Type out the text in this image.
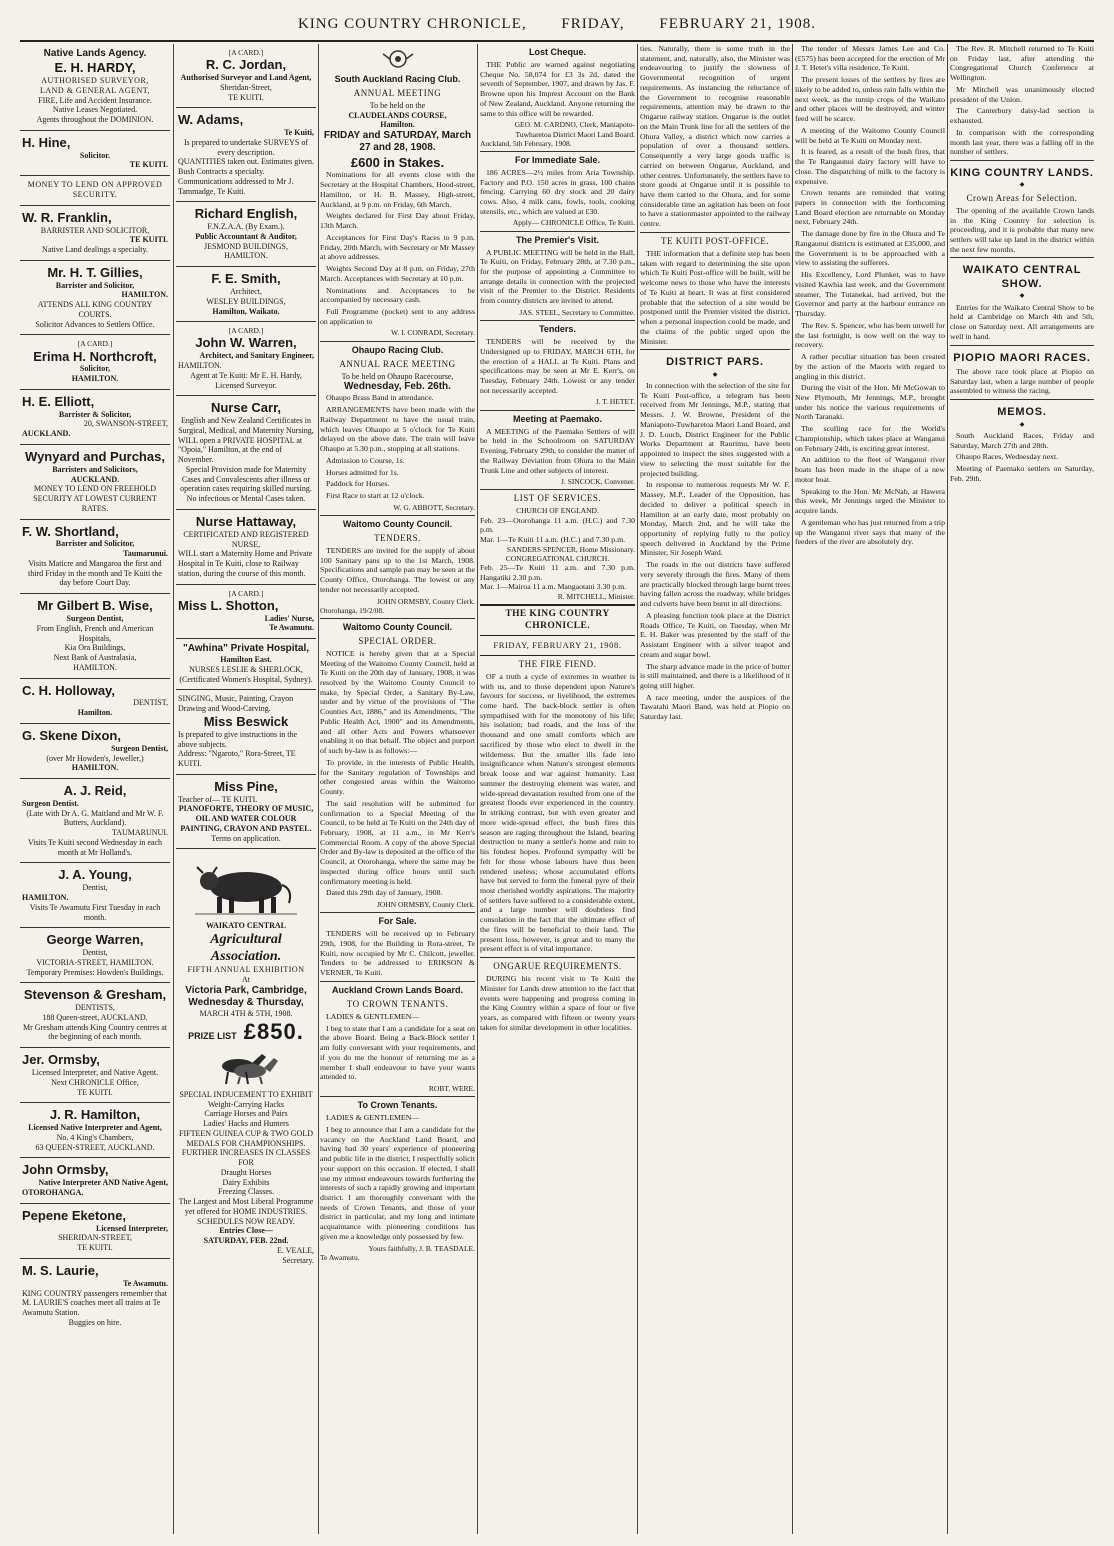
KING COUNTRY CHRONICLE, FRIDAY, FEBRUARY 21, 1908.
Native Lands Agency.
E. H. HARDY,
AUTHORISED SURVEYOR,
LAND & GENERAL AGENT,
FIRE, Life and Accident Insurance.
Native Leases Negotiated.
Agents throughout the DOMINION.
H. Hine,
Solicitor.
TE KUITI.
MONEY TO LEND ON APPROVED SECURITY.
W. R. Franklin,
BARRISTER AND SOLICITOR,
TE KUITI.
Native Land dealings a specialty.
Mr. H. T. Gillies,
Barrister and Solicitor,
HAMILTON.
ATTENDS ALL KING COUNTRY COURTS.
Solicitor Advances to Settlers Office.
[A CARD.]
Erima H. Northcroft,
Solicitor,
HAMILTON.
H. E. Elliott,
Barrister & Solicitor,
20, SWANSON-STREET,
AUCKLAND.
Wynyard and Purchas,
Barristers and Solicitors,
AUCKLAND.
MONEY TO LEND ON FREEHOLD SECURITY AT LOWEST CURRENT RATES.
F. W. Shortland,
Barrister and Solicitor,
Taumarunui.
Visits Maticre and Mangaroa the first and third Friday in the month and Te Kuiti the day before Court Day.
Mr Gilbert B. Wise,
Surgeon Dentist,
From English, French and American Hospitals,
Kia Ora Buildings,
Next Bank of Australasia,
HAMILTON.
C. H. Holloway,
DENTIST,
Hamilton.
G. Skene Dixon,
Surgeon Dentist,
(over Mr Howden's, Jeweller,)
HAMILTON.
A. J. Reid,
Surgeon Dentist.
(Late with Dr A. G. Maitland and Mr W. F. Butters, Auckland).
TAUMARUNUI.
Visits Te Kuiti second Wednesday in each month at Mr Holland's.
J. A. Young,
Dentist,
HAMILTON.
Visits Te Awamutu First Tuesday in each month.
George Warren,
Dentist,
VICTORIA-STREET, HAMILTON.
Temporary Premises: Howden's Buildings.
Stevenson & Gresham,
DENTISTS,
188 Queen-street, AUCKLAND.
Mr Gresham attends King Country centres at the beginning of each month.
Jer. Ormsby,
Licensed Interpreter, and Native Agent.
Next CHRONICLE Office,
TE KUITI.
J. R. Hamilton,
Licensed Native Interpreter and Agent,
No. 4 King's Chambers,
63 QUEEN-STREET, AUCKLAND.
John Ormsby,
Native Interpreter AND Native Agent,
OTOROHANGA.
Pepene Eketone,
Licensed Interpreter,
SHERIDAN-STREET,
TE KUITI.
M. S. Laurie,
Te Awamutu.
KING COUNTRY passengers remember that M. LAURIE'S coaches meet all trains at Te Awamutu Station.
Buggies on hire.
[A CARD.]
R. C. Jordan,
Authorised Surveyor and Land Agent,
Sheridan-Street,
TE KUITI.
W. Adams,
Te Kuiti,
Is prepared to undertake SURVEYS of every description.
QUANTITIES taken out. Estimates given. Bush Contracts a specialty. Communications addressed to Mr J. Tammadge, Te Kuiti.
Richard English,
F.N.Z.A.A. (By Exam.).
Public Accountant & Auditor,
JESMOND BUILDINGS,
HAMILTON.
F. E. Smith,
Architect,
WESLEY BUILDINGS,
Hamilton, Waikato.
[A CARD.]
John W. Warren,
Architect, and Sanitary Engineer,
HAMILTON.
Agent at Te Kuiti: Mr E. H. Hardy, Licensed Surveyor.
Nurse Carr,
English and New Zealand Certificates in Surgical, Medical, and Maternity Nursing,
WILL open a PRIVATE HOSPITAL at "Opoia," Hamilton, at the end of November.
Special Provision made for Maternity Cases and Convalescents after illness or operation cases requiring skilled nursing.
No infectious or Mental Cases taken.
Nurse Hattaway,
CERTIFICATED AND REGISTERED NURSE,
WILL start a Maternity Home and Private Hospital in Te Kuiti, close to Railway station, during the course of this month.
[A CARD.]
Miss L. Shotton,
Ladies' Nurse,
Te Awamutu.
"Awhina" Private Hospital,
Hamilton East.
NURSES LESLIE & SHERLOCK,
(Certificated Women's Hospital, Sydney).
SINGING, Music, Painting, Crayon Drawing and Wood-Carving.
Miss Beswick
Is prepared to give instructions in the above subjects.
Address: "Ngaroto," Rora-Street, TE KUITI.
Miss Pine,
Teacher of— TE KUITI.
PIANOFORTE, THEORY OF MUSIC, OIL AND WATER COLOUR PAINTING, CRAYON AND PASTEL.
Terms on application.
WAIKATO CENTRAL
Agricultural Association.
FIFTH ANNUAL EXHIBITION
At
Victoria Park, Cambridge, Wednesday & Thursday,
MARCH 4TH & 5TH, 1908.
PRIZE LIST £850.
SPECIAL INDUCEMENT TO EXHIBIT
Weight-Carrying Hacks
Carriage Horses and Pairs
Ladies' Hacks and Hunters
FIFTEEN GUINEA CUP & TWO GOLD MEDALS FOR CHAMPIONSHIPS.
FURTHER INCREASES IN CLASSES FOR
Draught Horses
Dairy Exhibits
Freezing Classes.
The Largest and Most Liberal Programme yet offered for HOME INDUSTRIES.
SCHEDULES NOW READY.
Entries Close—
SATURDAY, FEB. 22nd.
E. VEALE,
Secretary.
South Auckland Racing Club.
ANNUAL MEETING
To be held on the
CLAUDELANDS COURSE,
Hamilton.
FRIDAY and SATURDAY, March 27 and 28, 1908.
£600 in Stakes.

Nominations for all events close with the Secretary at the Hospital Chambers, Hood-street, Hamilton, or H. B. Massey, High-street, Auckland, at 9 p.m. on Friday, 6th March.

Weights declared for First Day about Friday, 13th March.

Acceptances for First Day's Races to 9 p.m. Friday, 20th March, with Secretary or Mr Massey at above addresses.

Weights Second Day at 8 p.m. on Friday, 27th March. Acceptances with Secretary at 10 p.m.

Nominations and Acceptances to be accompanied by necessary cash.

Full Programme (pocket) sent to any address on application to

W. I. CONRADI, Secretary.
Ohaupo Racing Club.
ANNUAL RACE MEETING
To be held on Ohaupo Racecourse,
Wednesday, Feb. 26th.

Ohaupo Brass Band in attendance.

ARRANGEMENTS have been made with the Railway Department to have the usual train, which leaves Ohaupo at 5 o'clock for Te Kuiti delayed on the above date. The train will leave Ohaupo at 5.30 p.m., stopping at all stations.

Admission to Course, 1s.

Horses admitted for 1s.

Paddock for Horses.

First Race to start at 12 o'clock.

W. G. ABBOTT, Secretary.
Waitomo County Council.
TENDERS.

TENDERS are invited for the supply of about 100 Sanitary pans up to the 1st March, 1908. Specifications and sample pan may be seen at the County Office, Otorohanga. The lowest or any tender not necessarily accepted.

JOHN ORMSBY, County Clerk.
Otorohanga, 19/2/08.
Waitomo County Council.
SPECIAL ORDER.

NOTICE is hereby given that at a Special Meeting of the Waitomo County Council, held at Te Kuiti on the 20th day of January, 1908, it was resolved by the Waitomo County Council to make, by Special Order, a Sanitary By-Law, under and by virtue of the provisions of "The Counties Act, 1886," and its Amendments, "The Public Health Act, 1900" and its Amendments, and all other Acts and Powers whatsoever enabling it on that behalf. The object and purport of such by-law is as follows:—

To provide, in the interests of Public Health, for the Sanitary regulation of Townships and other congested areas within the Waitomo County.

The said resolution will be submitted for confirmation to a Special Meeting of the Council, to be held at Te Kuiti on the 24th day of February, 1908, at 11 a.m., in Mr Kerr's Commercial Room. A copy of the above Special Order and By-law is deposited at the office of the Council, at Otorohanga, where the same may be inspected during office hours until such confirmatory meeting is held.

Dated this 29th day of January, 1908.

JOHN ORMSBY, County Clerk.
For Sale.

TENDERS will be received up to February 29th, 1908, for the Building in Rora-street, Te Kuiti, now occupied by Mr C. Chilcott, jeweller. Tenders to be addressed to ERIKSON & VERNER, Te Kuiti.

Auckland Crown Lands Board.
TO CROWN TENANTS.

LADIES & GENTLEMEN—

I beg to state that I am a candidate for a seat on the above Board. Being a Back-Block settler I am fully conversant with your requirements, and if you do me the honour of returning me as a member I shall endeavour to have your wants attended to.

ROBT. WERE.
To Crown Tenants.

LADIES & GENTLEMEN—

I beg to announce that I am a candidate for the vacancy on the Auckland Land Board, and having had 30 years' experience of pioneering and public life in the district, I respectfully solicit your support on this occasion. If elected, I shall use my utmost endeavours towards furthering the interests of such a rapidly growing and important district. I am thoroughly conversant with the needs of Crown Tenants, and those of your district in particular, and my long and intimate acquaintance with pioneering conditions has given me a knowledge only possessed by few.

Yours faithfully, J. B. TEASDALE.
Te Awamutu.
Lost Cheque.

THE Public are warned against negotiating Cheque No. 58,074 for £3 3s 2d, dated the seventh of September, 1907, and drawn by Jas. F. Browne upon his Imprest Account on the Bank of New Zealand, Auckland. Anyone returning the same to this office will be rewarded.

GEO. M. CARDNO, Clerk, Maniapoto-Tuwharetoa District Maori Land Board.
Auckland, 5th February, 1908.
For Immediate Sale.

186 ACRES—2½ miles from Aria Township. Factory and P.O. 150 acres in grass, 100 chains fencing. Carrying 60 dry stock and 20 dairy cows. Also, 4 milk cans, fowls, tools, cooking utensils, etc., which are valued at £30.

Apply— CHRONICLE Office, Te Kuiti.
The Premier's Visit.

A PUBLIC MEETING will be held in the Hall, Te Kuiti, on Friday, February 28th, at 7.30 p.m., for the purpose of appointing a Committee to arrange details in connection with the projected visit of the Premier to the District. Residents from country districts are invited to attend.

JAS. STEEL, Secretary to Committee.
Tenders.

TENDERS will be received by the Undersigned up to FRIDAY, MARCH 6TH, for the erection of a HALL at Te Kuiti. Plans and specifications may be seen at Mr E. Kerr's, on Tuesday, February 24th. Lowest or any tender not necessarily accepted.

J. T. HETET.
Meeting at Paemako.

A MEETING of the Paemako Settlers of will be held in the Schoolroom on SATURDAY Evening, February 29th, to consider the matter of the Railway Deviation from Ohura to the Main Trunk Line and other subjects of interest.

J. SINCOCK, Convener.
LIST OF SERVICES.
CHURCH OF ENGLAND.
Feb. 23—Otorohanga 11 a.m. (H.C.) and 7.30 p.m.
Mar. 1—Te Kuiti 11 a.m. (H.C.) and 7.30 p.m.
SANDERS SPENCER, Home Missionary.
CONGREGATIONAL CHURCH.
Feb. 25—Te Kuiti 11 a.m. and 7.30 p.m. Hangatiki 2.30 p.m.
Mar. 1—Mairoa 11 a.m. Mangaotani 3.30 p.m.
R. MITCHELL, Minister.
THE KING COUNTRY CHRONICLE.
FRIDAY, FEBRUARY 21, 1908.
THE FIRE FIEND.

OF a truth a cycle of extremes in weather is with us, and to those dependent upon Nature's favours for success, or livelihood, the extremes come hard. The back-block settler is often sympathised with for the monotony of his life; his isolation; bad roads, and the loss of the thousand and one small comforts which are sacrificed by those who elect to dwell in the wilderness. But the smaller ills fade into insignificance when Nature's strongest elements break loose and war against humanity. Last summer the destroying element was water, and wide-spread devastation resulted from one of the greatest floods ever experienced in the country. In striking contrast, but with even greater and more wide-spread effect, the bush fires this season are raging throughout the Island, bearing destruction to many a settler's home and ruin to his fondest hopes. Profound sympathy will be felt for those whose labours have thus been rendered useless; whose accumulated efforts have but served to form the funeral pyre of their most cherished worldly aspirations. The majority of settlers have suffered to a considerable extent, and a large number will doubtless find consolation in the fact that the ultimate effect of the fires will be beneficial to their land. The present loss, however, is great and to many the present effect is of vital importance.

ONGARUE REQUIREMENTS.

DURING his recent visit to Te Kuiti the Minister for Lands drew attention to the fact that events were happening and progress coming in the King Country within a space of four or five years, as compared with fifteen or twenty years taken for similar development in other localities.

ties. Naturally, there is some truth in the statement, and, naturally, also, the Minister was endeavouring to justify the slowness of Governmental recognition of urgent requirements. As instancing the reluctance of the Government to recognise reasonable requirements, attention may be drawn to the Ongarue railway station. Ongarue is the outlet on the Main Trunk line for all the settlers of the Ohura Valley, a district which now carries a population of over a thousand settlers. Consequently a very large goods traffic is carried on between Ongarue, Auckland, and other centres. Unfortunately, the settlers have to store goods at Ongarue until it is possible to have them carted to the Ohura, and for some considerable time an agitation has been on foot to have a stationmaster appointed to the railway centre.

TE KUITI POST-OFFICE.

THE information that a definite step has been taken with regard to determining the site upon which Te Kuiti Post-office will be built, will be welcome news to those who have the interests of Te Kuiti at heart. It was at first considered probable that the selection of a site would be postponed until the Premier visited the district, when a personal inspection could be made, and the claims of the public urged upon the Minister.

DISTRICT PARS.
◆

In connection with the selection of the site for Te Kuiti Post-office, a telegram has been received from Mr Jennings, M.P., stating that Messrs. J. W. Browne, President of the Maniapoto-Tuwharetoa Maori Land Board, and J. D. Louch, District Engineer for the Public Works Department at Raurimu, have been appointed to inspect the sites suggested with a view to selecting the most suitable for the projected building.

In response to numerous requests Mr W. F. Massey, M.P., Leader of the Opposition, has decided to deliver a political speech in Hamilton at an early date, most probably on Monday, March 2nd, and he will take the opportunity of replying fully to the policy speech delivered in Auckland by the Prime Minister, Sir Joseph Ward.

The roads in the out districts have suffered very severely through the fires. Many of them are practically blocked through large burnt trees having fallen across the roadway, while bridges and culverts have been burnt in all directions.

A pleasing function took place at the District Roads Office, Te Kuiti, on Tuesday, when Mr E. H. Baker was presented by the staff of the Assistant Engineer with a silver teapot and cream and sugar bowl.

The sharp advance made in the price of butter is still maintained, and there is a likelihood of it going still higher.

A race meeting, under the auspices of the Tawatahi Maori Band, was held at Piopio on Saturday last.

The tender of Messrs James Lee and Co. (£575) has been accepted for the erection of Mr J. T. Hetet's villa residence, Te Kuiti.

The present losses of the settlers by fires are likely to be added to, unless rain falls within the next week, as the turnip crops of the Waikato and other places will be destroyed, and winter feed will be scarce.

A meeting of the Waitomo County Council will be held at Te Kuiti on Monday next.

It is feared, as a result of the bush fires, that the Te Rangaunui dairy factory will have to close. The dispatching of milk to the factory is expensive.

Crown tenants are reminded that voting papers in connection with the forthcoming Land Board election are returnable on Monday next, February 24th.

The damage done by fire in the Ohura and Te Rangaunui districts is estimated at £35,000, and the Government is to be approached with a view to assisting the sufferers.

His Excellency, Lord Plunket, was to have visited Kawhia last week, and the Government steamer, The Tutanekai, had arrived, but the Governor and party at the harbour entrance on Thursday.

The Rev. S. Spencer, who has been unwell for the last fortnight, is now well on the way to recovery.

A rather peculiar situation has been created by the action of the Maoris with regard to angling in this district.

During the visit of the Hon. Mr McGowan to New Plymouth, Mr Jennings, M.P., brought under his notice the various requirements of North Taranaki.

The sculling race for the World's Championship, which takes place at Wanganui on February 24th, is exciting great interest.

An addition to the fleet of Wanganui river boats has been made in the shape of a new motor boat.

Speaking to the Hon. Mr McNab, at Hawera this week, Mr Jennings urged the Minister to acquire lands.

A gentleman who has just returned from a trip up the Wanganui river says that many of the feeders of the river are absolutely dry.

The Rev. R. Mitchell returned to Te Kuiti on Friday last, after attending the Congregational Church Conference at Wellington.

Mr Mitchell was unanimously elected president of the Union.

The Canterbury daisy-lad section is exhausted.

In comparison with the corresponding month last year, there was a falling off in the number of settlers.

KING COUNTRY LANDS.
◆
Crown Areas for Selection.

The opening of the available Crown lands in the King Country for selection is proceeding, and it is probable that many new settlers will take up land in the district within the next few months.

WAIKATO CENTRAL SHOW.
◆

Entries for the Waikato Central Show to be held at Cambridge on March 4th and 5th, close on Saturday next. All arrangements are well in hand.

PIOPIO MAORI RACES.

The above race took place at Piopio on Saturday last, when a large number of people assembled to witness the racing.

MEMOS.
◆

South Auckland Races, Friday and Saturday, March 27th and 28th.

Ohaupo Races, Wednesday next.

Meeting of Paemako settlers on Saturday, Feb. 29th.
